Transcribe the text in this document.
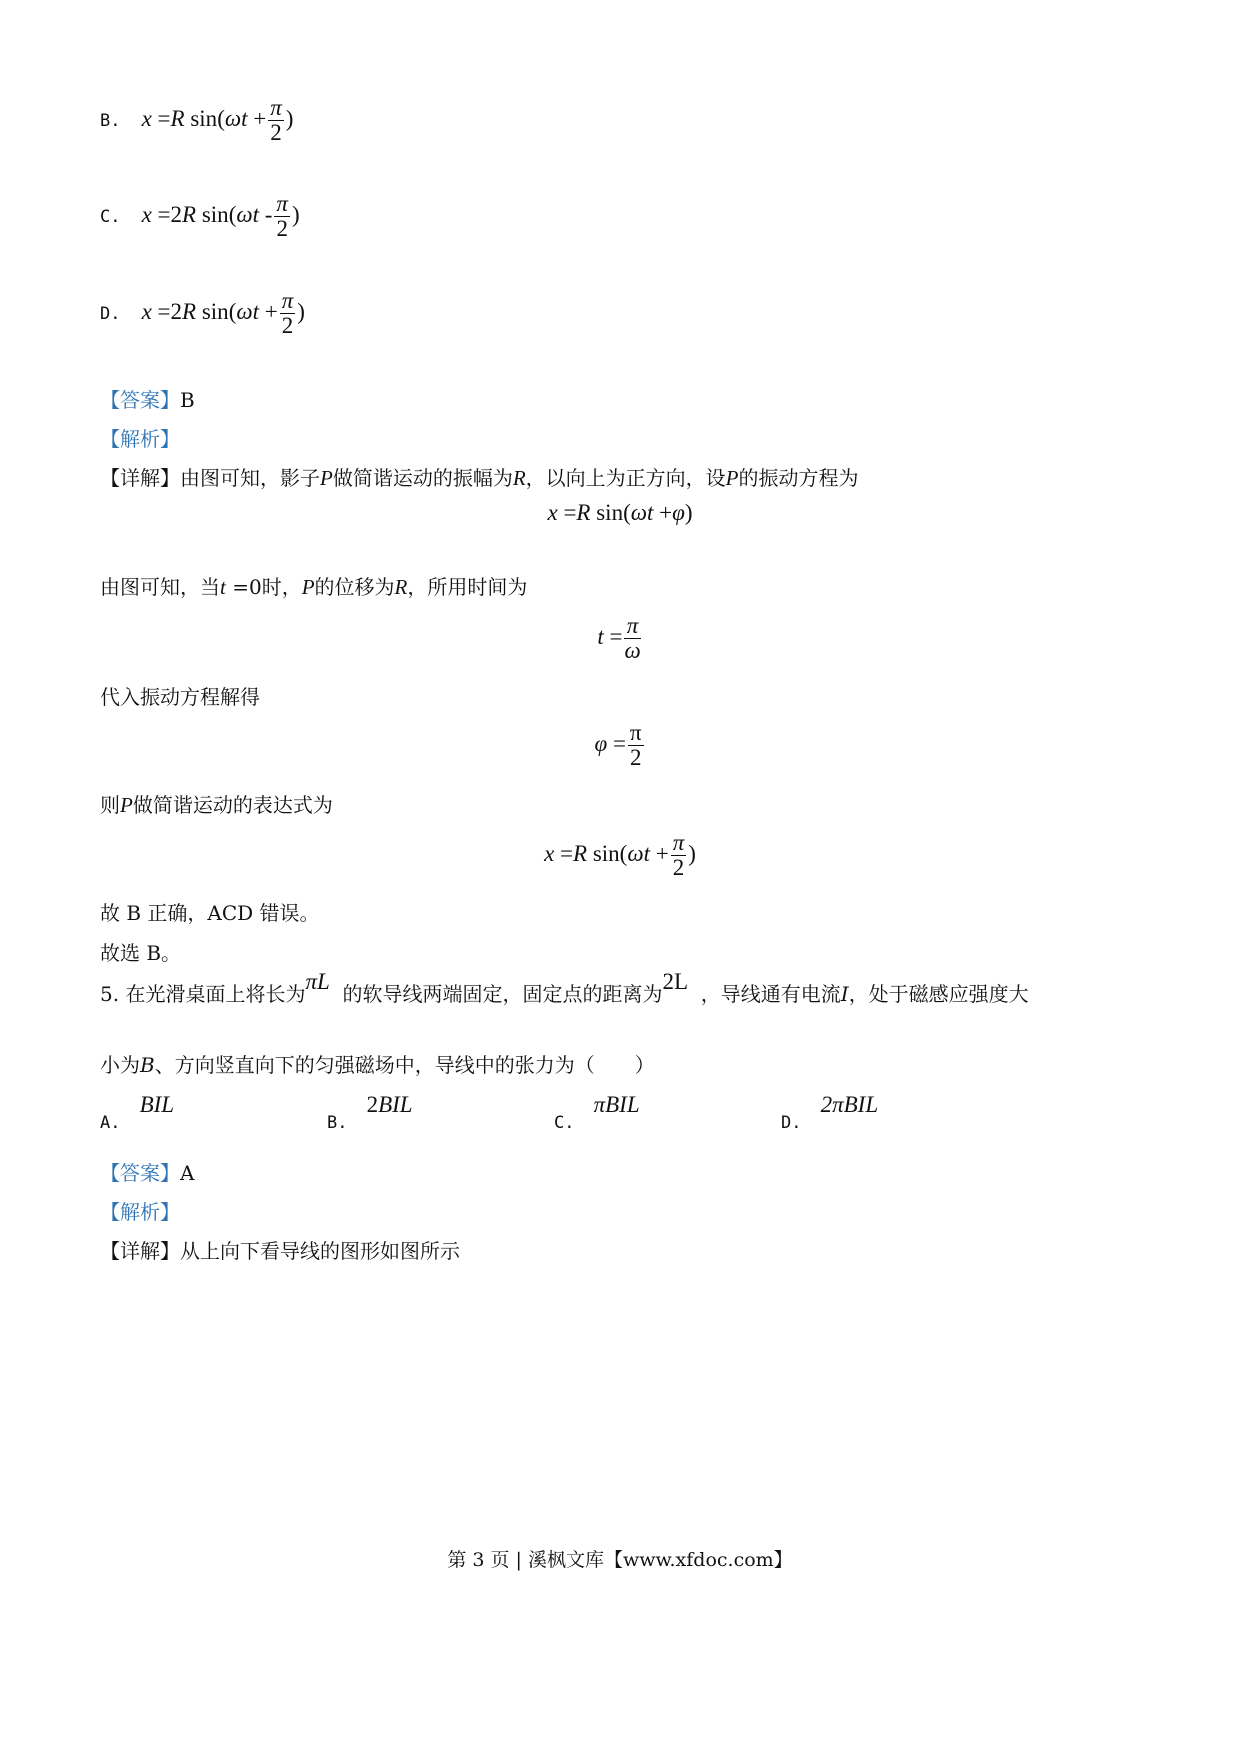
B. x =R $\sin(\omega t + \frac{\pi}{2}$ )
C. x =2R $\sin(\omega t - \frac{\pi}{2}$ )
D. x =2R $\sin(\omega t + \frac{\pi}{2}$ )
【答案】B
【解析】
【详解】由图可知，影子P做简谐运动的振幅为R，以向上为正方向，设P的振动方程为
x =R sin(ωt +φ)
由图可知，当t =0时，P的位移为R，所用时间为
$t = \frac{\pi}{\omega}$
代入振动方程解得
$\varphi = \frac{\pi}{2}$
则P做简谐运动的表达式为
x =R $\sin(\omega t + \frac{\pi}{2}$ )
故 B 正确，ACD 错误。
故选 B。
5. 在光滑桌面上将长为πL 的软导线两端固定，固定点的距离为2L ，导线通有电流I，处于磁感应强度大
小为B、方向竖直向下的匀强磁场中，导线中的张力为（　　）
A. BIL
B. 2BIL
C. πBIL
D. 2πBIL
【答案】A
【解析】
【详解】从上向下看导线的图形如图所示
第 3 页 | 溪枫文库【www.xfdoc.com】
